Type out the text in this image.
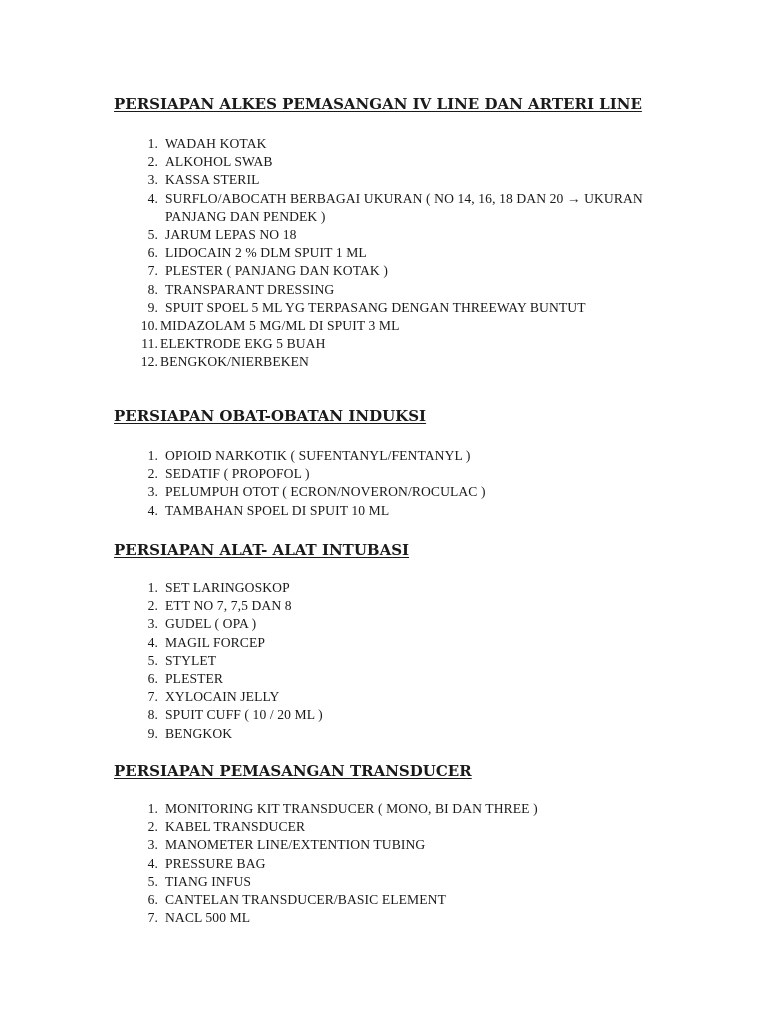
PERSIAPAN ALKES PEMASANGAN IV LINE DAN ARTERI LINE
1. WADAH KOTAK
2. ALKOHOL SWAB
3. KASSA STERIL
4. SURFLO/ABOCATH BERBAGAI UKURAN ( NO 14, 16, 18 DAN 20 → UKURAN PANJANG DAN PENDEK )
5. JARUM LEPAS NO 18
6. LIDOCAIN 2 % DLM SPUIT 1 ML
7. PLESTER ( PANJANG DAN KOTAK )
8. TRANSPARANT DRESSING
9. SPUIT SPOEL 5 ML YG TERPASANG DENGAN THREEWAY BUNTUT
10. MIDAZOLAM 5 MG/ML DI SPUIT 3 ML
11. ELEKTRODE EKG 5 BUAH
12. BENGKOK/NIERBEKEN
PERSIAPAN OBAT-OBATAN INDUKSI
1. OPIOID NARKOTIK ( SUFENTANYL/FENTANYL )
2. SEDATIF ( PROPOFOL )
3. PELUMPUH OTOT ( ECRON/NOVERON/ROCULAC )
4. TAMBAHAN SPOEL DI SPUIT 10 ML
PERSIAPAN ALAT- ALAT INTUBASI
1. SET LARINGOSKOP
2. ETT NO 7, 7,5 DAN 8
3. GUDEL ( OPA )
4. MAGIL FORCEP
5. STYLET
6. PLESTER
7. XYLOCAIN JELLY
8. SPUIT CUFF ( 10 / 20 ML )
9. BENGKOK
PERSIAPAN PEMASANGAN TRANSDUCER
1. MONITORING KIT TRANSDUCER ( MONO, BI DAN THREE )
2. KABEL TRANSDUCER
3. MANOMETER LINE/EXTENTION TUBING
4. PRESSURE BAG
5. TIANG INFUS
6. CANTELAN TRANSDUCER/BASIC ELEMENT
7. NACL 500 ML
